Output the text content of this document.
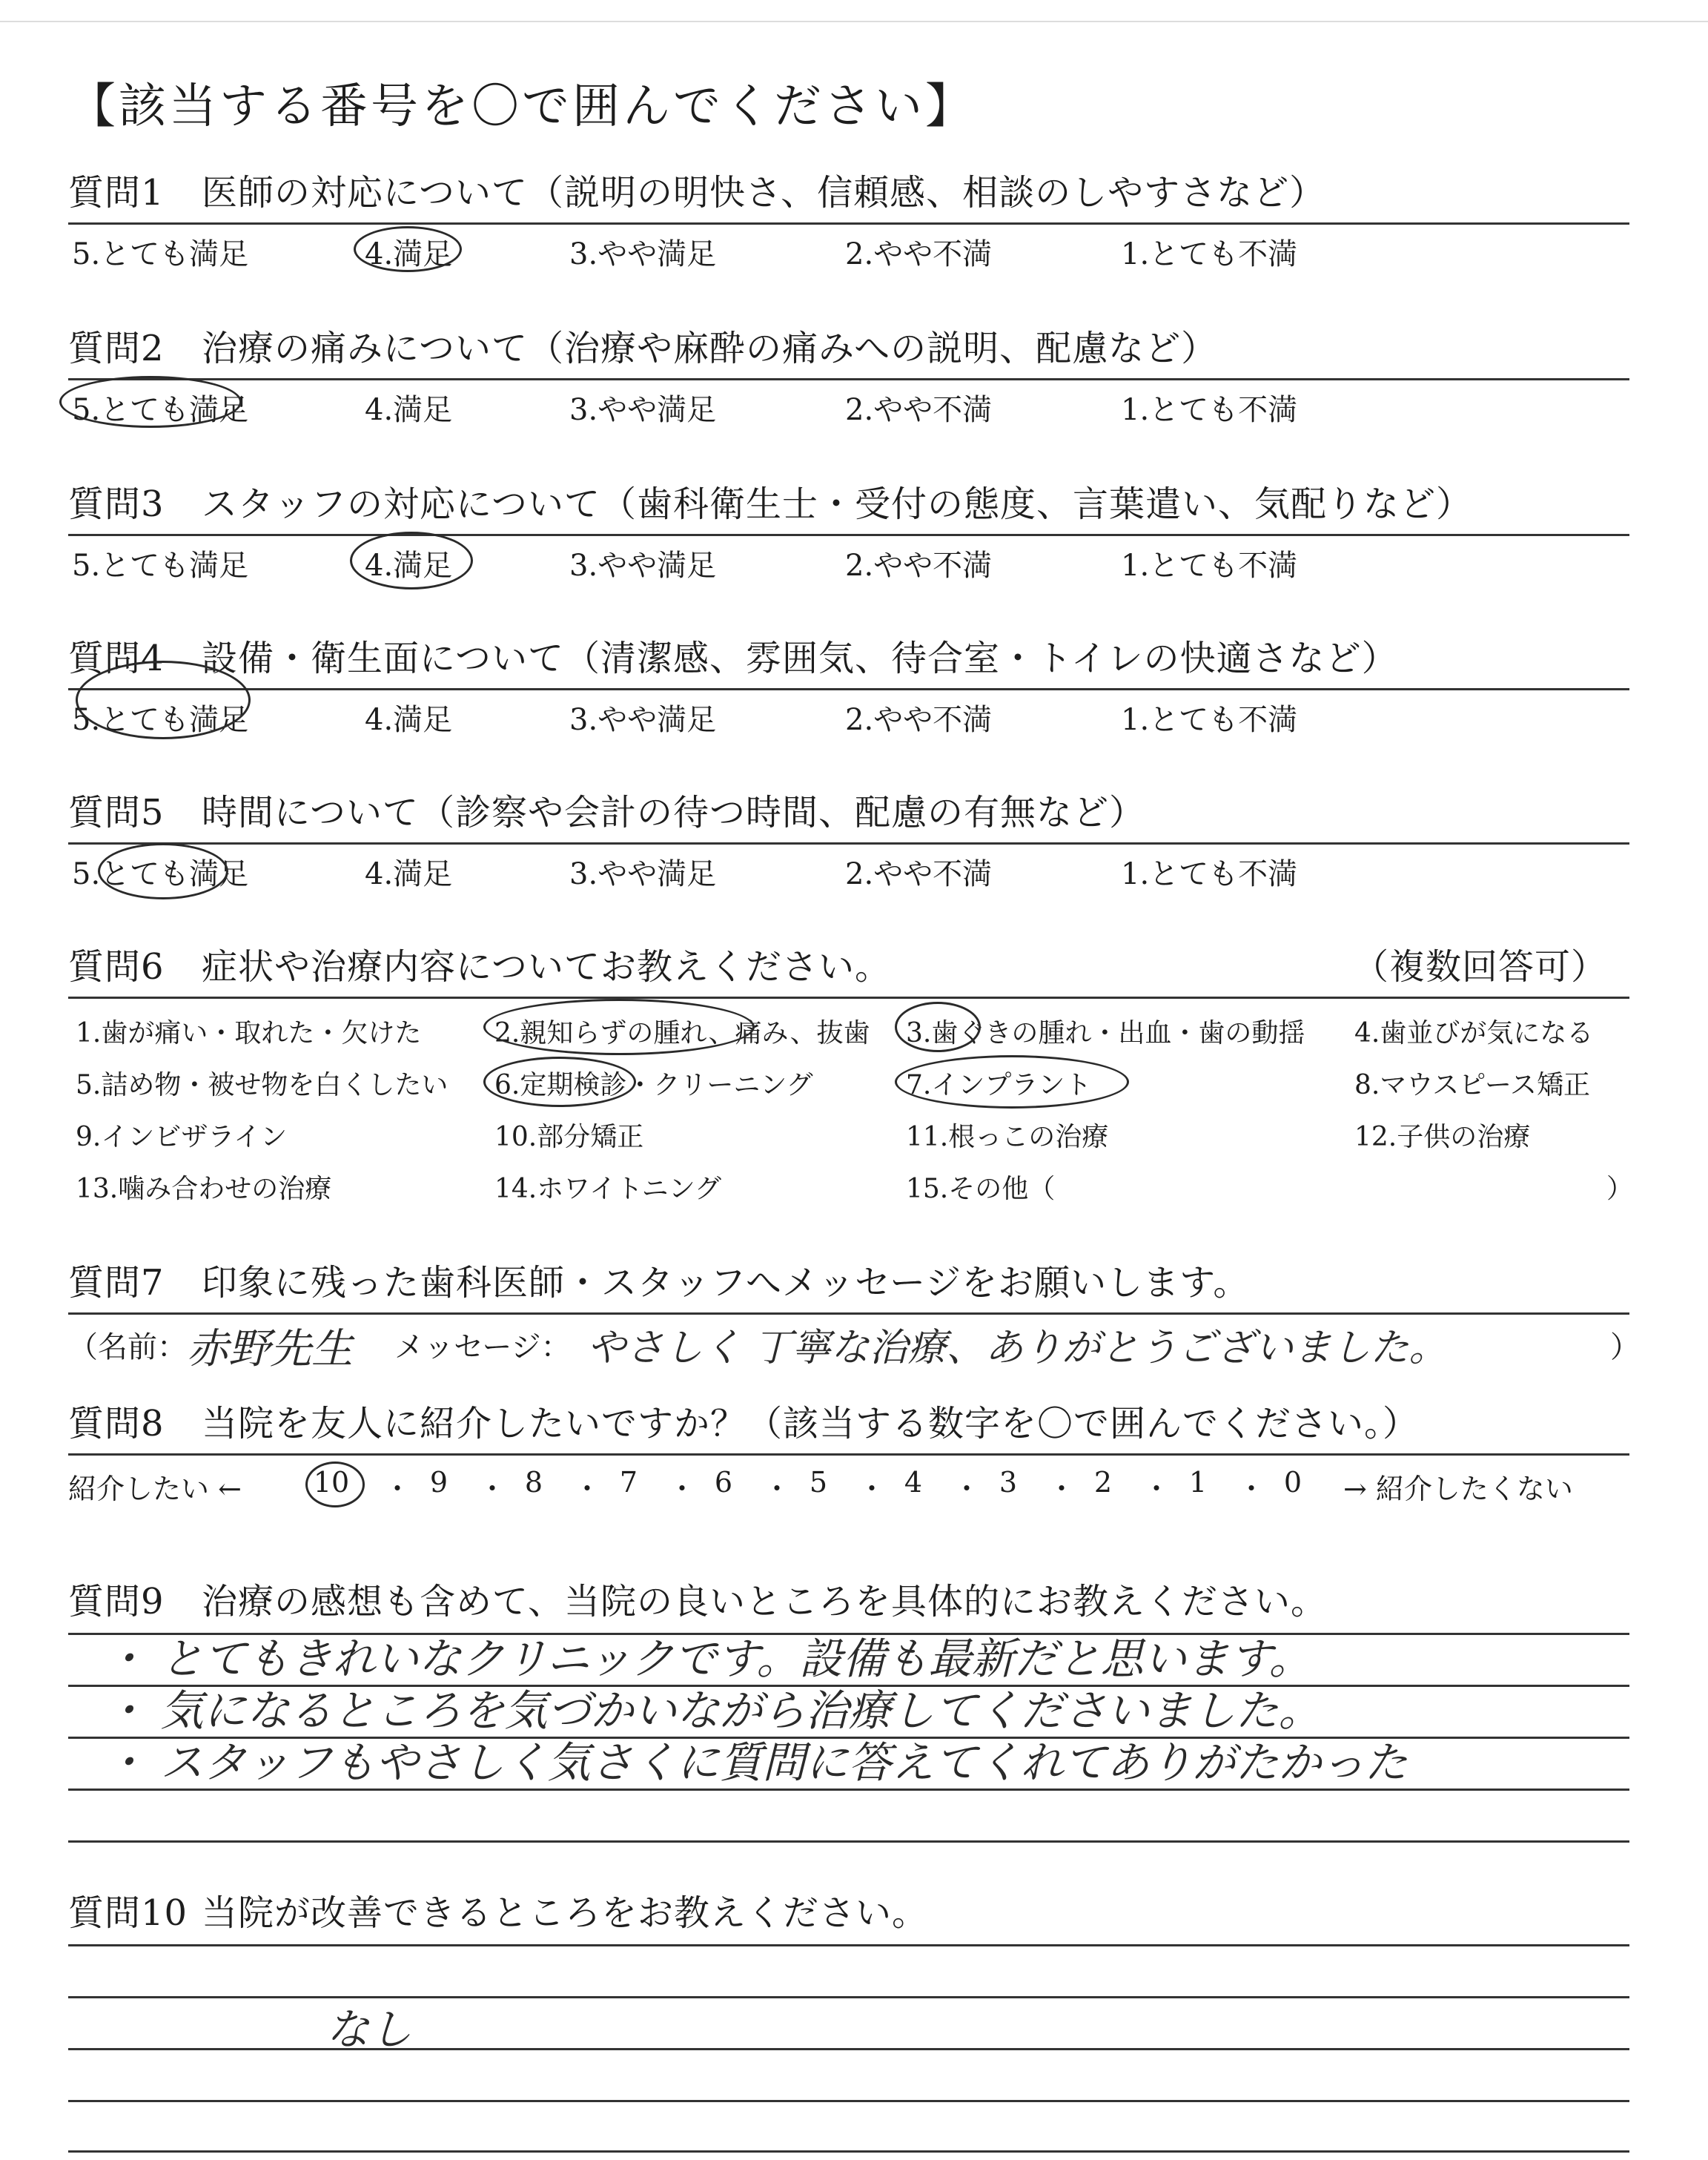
【該当する番号を〇で囲んでください】
質問1	医師の対応について（説明の明快さ、信頼感、相談のしやすさなど）
5.とても満足	4.満足	3.やや満足	2.やや不満	1.とても不満
質問2	治療の痛みについて（治療や麻酔の痛みへの説明、配慮など）
5.とても満足	4.満足	3.やや満足	2.やや不満	1.とても不満
質問3	スタッフの対応について（歯科衛生士・受付の態度、言葉遣い、気配りなど）
5.とても満足	4.満足	3.やや満足	2.やや不満	1.とても不満
質問4	設備・衛生面について（清潔感、雰囲気、待合室・トイレの快適さなど）
5.とても満足	4.満足	3.やや満足	2.やや不満	1.とても不満
質問5	時間について（診察や会計の待つ時間、配慮の有無など）
5.とても満足	4.満足	3.やや満足	2.やや不満	1.とても不満
質問6	症状や治療内容についてお教えください。	（複数回答可）
1.歯が痛い・取れた・欠けた	2.親知らずの腫れ、痛み、抜歯 3.歯ぐきの腫れ・出血・歯の動揺 4.歯並びが気になる
5.詰め物・被せ物を白くしたい 6.定期検診・クリーニング	7.インプラント	8.マウスピース矯正
9.インビザライン	10.部分矯正	11.根っこの治療	12.子供の治療
13.噛み合わせの治療	14.ホワイトニング	15.その他（	）
質問7	印象に残った歯科医師・スタッフへメッセージをお願いします。
（名前： 赤野先生 メッセージ： やさしく 丁寧な治療、ありがとうございました。	）
質問8	当院を友人に紹介したいですか？（該当する数字を〇で囲んでください。）
紹介したい ←	10 ・ 9	・ 8	・ 7	・ 6	・ 5	・ 4	・ 3	・ 2	・ 1	・ 0	→ 紹介したくない
質問9	治療の感想も含めて、当院の良いところを具体的にお教えください。
・ とてもきれいなクリニックです。設備も最新だと思います。
・ 気になるところを気づかいながら治療してくださいました。
・ スタッフもやさしく気さくに質問に答えてくれてありがたかった
質問10 当院が改善できるところをお教えください。
なし
